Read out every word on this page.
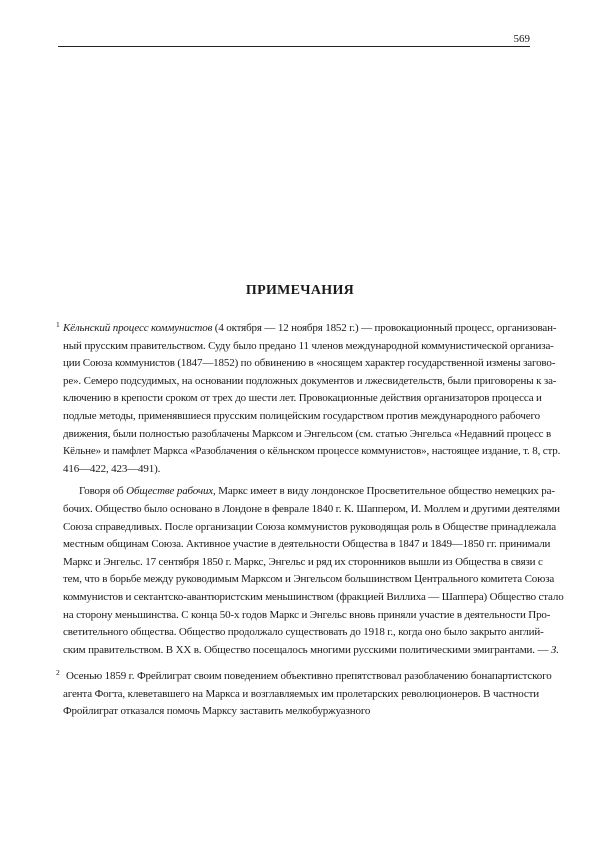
569
ПРИМЕЧАНИЯ
1 Кёльнский процесс коммунистов (4 октября — 12 ноября 1852 г.) — провокационный процесс, организован-
ный прусским правительством. Суду было предано 11 членов международной коммунистической организа-
ции Союза коммунистов (1847—1852) по обвинению в «носящем характер государственной измены загово-
ре». Семеро подсудимых, на основании подложных документов и лжесвидетельств, были приговорены к за-
ключению в крепости сроком от трех до шести лет. Провокационные действия организаторов процесса и
подлые методы, применявшиеся прусским полицейским государством против международного рабочего
движения, были полностью разоблачены Марксом и Энгельсом (см. статью Энгельса «Недавний процесс в
Кёльне» и памфлет Маркса «Разоблачения о кёльнском процессе коммунистов», настоящее издание, т. 8, стр.
416—422, 423—491).
Говоря об Обществе рабочих, Маркс имеет в виду лондонское Просветительное общество немецких ра-
бочих. Общество было основано в Лондоне в феврале 1840 г. К. Шаппером, И. Моллем и другими деятелями
Союза справедливых. После организации Союза коммунистов руководящая роль в Обществе принадлежала
местным общинам Союза. Активное участие в деятельности Общества в 1847 и 1849—1850 гг. принимали
Маркс и Энгельс. 17 сентября 1850 г. Маркс, Энгельс и ряд их сторонников вышли из Общества в связи с
тем, что в борьбе между руководимым Марксом и Энгельсом большинством Центрального комитета Союза
коммунистов и сектантско-авантюристским меньшинством (фракцией Виллиха — Шаппера) Общество стало
на сторону меньшинства. С конца 50-х годов Маркс и Энгельс вновь приняли участие в деятельности Про-
светительного общества. Общество продолжало существовать до 1918 г., когда оно было закрыто англий-
ским правительством. В XX в. Общество посещалось многими русскими политическими эмигрантами. — З.
2 Осенью 1859 г. Фрейлиграт своим поведением объективно препятствовал разоблачению бонапартистского
агента Фогта, клеветавшего на Маркса и возглавляемых им пролетарских революционеров. В частности
Фройлиграт отказался помочь Марксу заставить мелкобуржуазного
